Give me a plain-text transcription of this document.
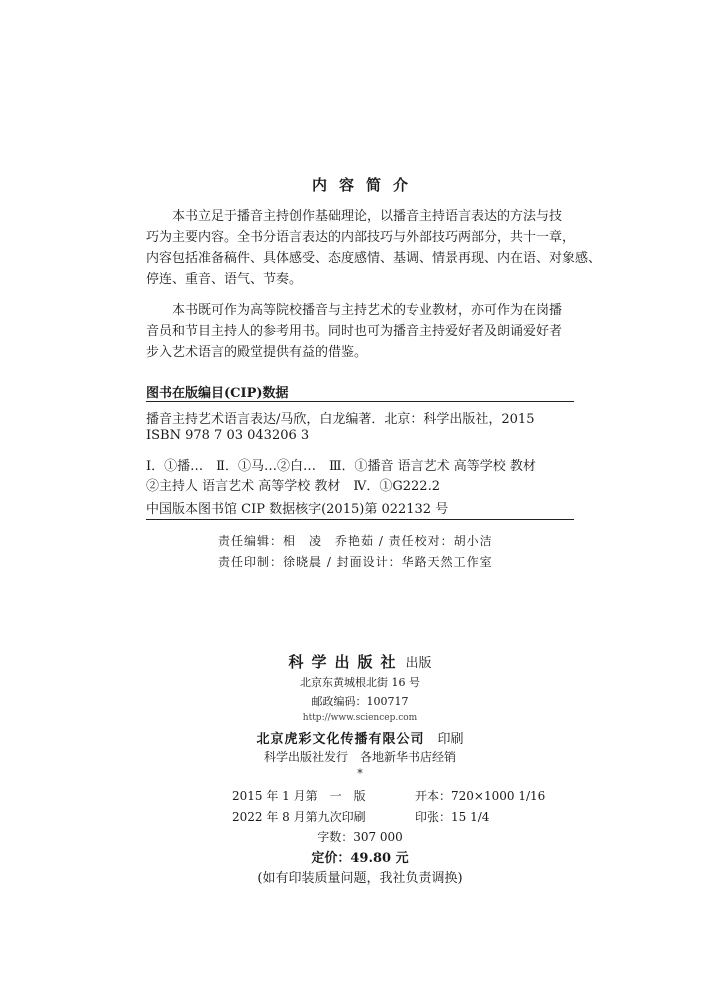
内容简介
本书立足于播音主持创作基础理论，以播音主持语言表达的方法与技
巧为主要内容。全书分语言表达的内部技巧与外部技巧两部分，共十一章，
内容包括准备稿件、具体感受、态度感情、基调、情景再现、内在语、对象感、
停连、重音、语气、节奏。
本书既可作为高等院校播音与主持艺术的专业教材，亦可作为在岗播
音员和节目主持人的参考用书。同时也可为播音主持爱好者及朗诵爱好者
步入艺术语言的殿堂提供有益的借鉴。
图书在版编目(CIP)数据
播音主持艺术语言表达/马欣，白龙编著．北京：科学出版社，2015
ISBN 978 7 03 043206 3
Ⅰ．①播…　Ⅱ．①马…②白…　Ⅲ．①播音 语言艺术 高等学校 教材
②主持人 语言艺术 高等学校 教材　Ⅳ．①G222.2
中国版本图书馆 CIP 数据核字(2015)第 022132 号
责任编辑：相　凌　乔艳茹 / 责任校对：胡小洁
责任印制：徐晓晨 / 封面设计：华路天然工作室
科学出版社 出版
北京东黄城根北街 16 号
邮政编码：100717
http://www.sciencep.com
北京虎彩文化传播有限公司　 印刷
科学出版社发行　各地新华书店经销
*
2015 年 1 月第　一　版	开本：720×1000 1/16
2022 年 8 月第九次印刷	印张：15 1/4
字数：307 000
定价：49.80 元
(如有印装质量问题，我社负责调换)
